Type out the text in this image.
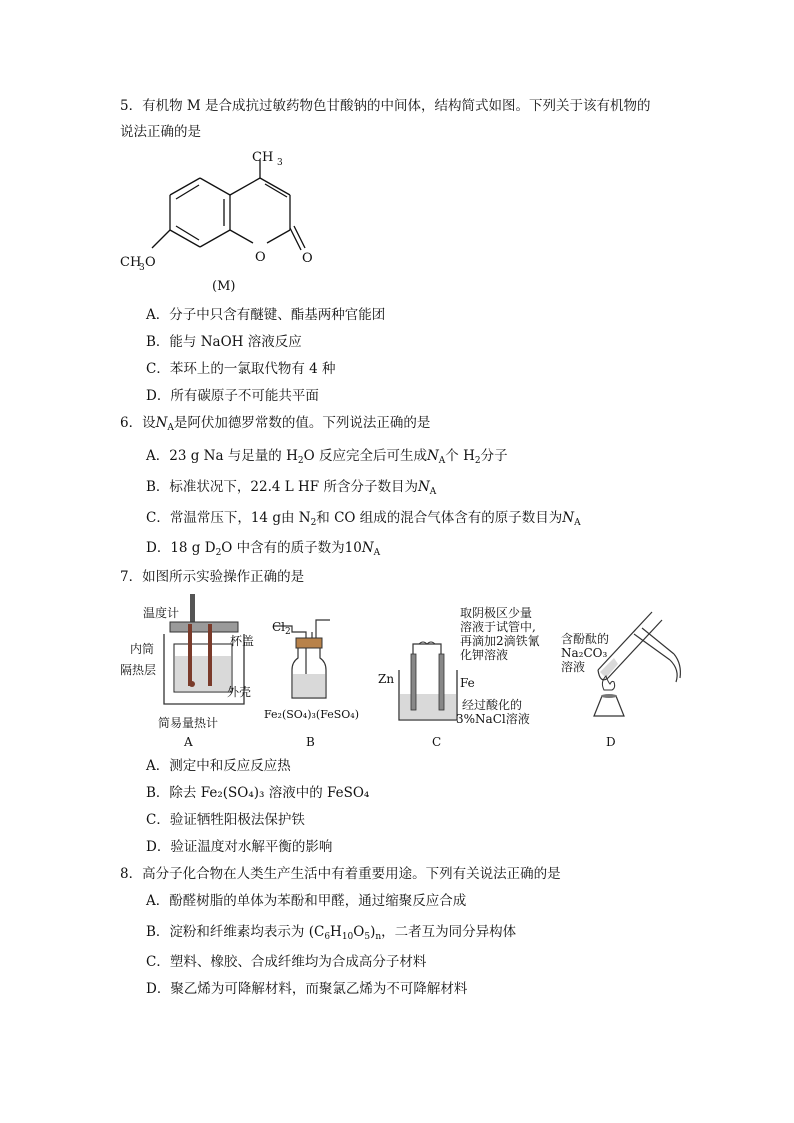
5．有机物 M 是合成抗过敏药物色甘酸钠的中间体，结构简式如图。下列关于该有机物的
说法正确的是
CH 3
O	O
CH
3 O
(M)
A．分子中只含有醚键、酯基两种官能团
B．能与 NaOH 溶液反应
C．苯环上的一氯取代物有 4 种
D．所有碳原子不可能共平面
6．设$N_A$是阿伏加德罗常数的值。下列说法正确的是
A．23 g Na 与足量的 $H_2O$ 反应完全后可生成$N_A$个 $H_2$分子
B．标准状况下，22.4 L HF 所含分子数目为$N_A$
C．常温常压下，14 g由 $N_2$和 CO 组成的混合气体含有的原子数目为$N_A$
D．18 g $D_2O$ 中含有的质子数为$10N_A$
7．如图所示实验操作正确的是
温度计
杯盖
内筒
隔热层
外壳
简易量热计
A
$Cl_2$
Fe₂(SO₄)₃(FeSO₄)
B
取阴极区少量
溶液于试管中,
再滴加2滴铁氰
化钾溶液
Zn	Fe
经过酸化的
3%NaCl溶液
C
含酚酞的
Na₂CO₃
溶液
D
A．测定中和反应反应热
B．除去 Fe₂(SO₄)₃ 溶液中的 FeSO₄
C．验证牺牲阳极法保护铁
D．验证温度对水解平衡的影响
8．高分子化合物在人类生产生活中有着重要用途。下列有关说法正确的是
A．酚醛树脂的单体为苯酚和甲醛，通过缩聚反应合成
B．淀粉和纤维素均表示为 $(C_6H_{10}O_5)_n$，二者互为同分异构体
C．塑料、橡胶、合成纤维均为合成高分子材料
D．聚乙烯为可降解材料，而聚氯乙烯为不可降解材料
